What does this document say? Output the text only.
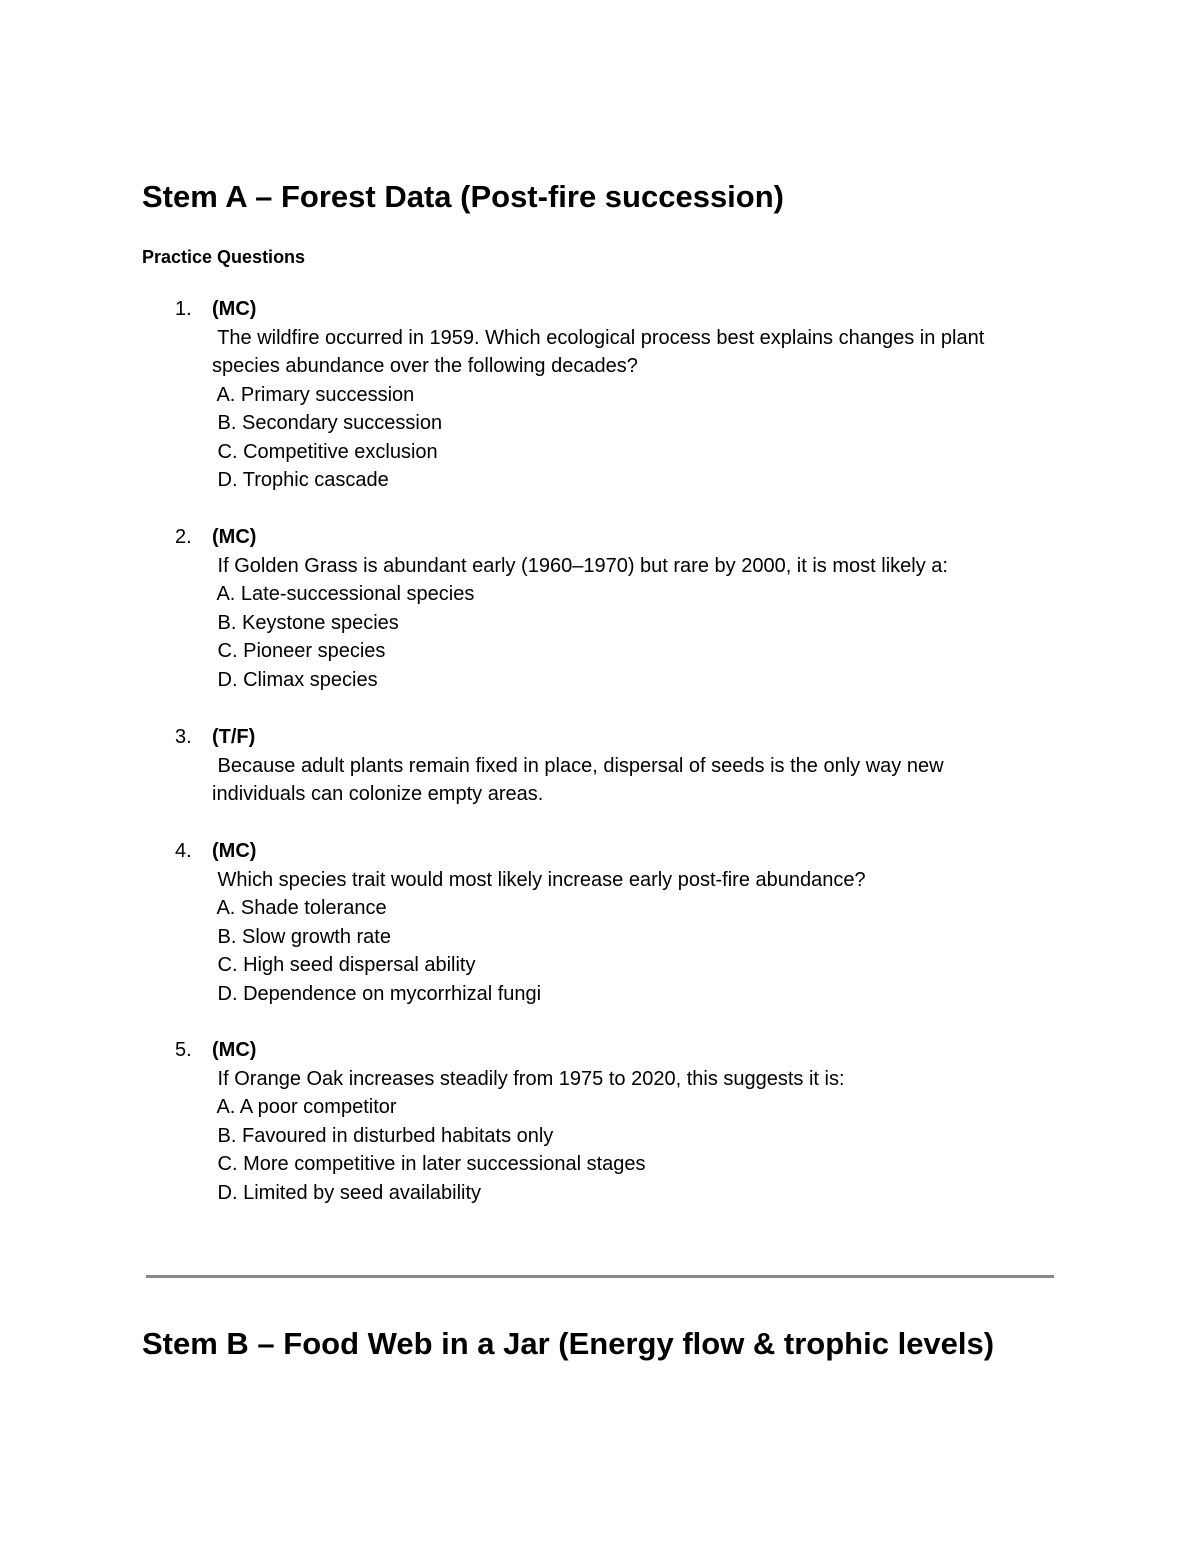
Stem A – Forest Data (Post-fire succession)
Practice Questions
1. (MC)
The wildfire occurred in 1959. Which ecological process best explains changes in plant
species abundance over the following decades?
A. Primary succession
B. Secondary succession
C. Competitive exclusion
D. Trophic cascade
2. (MC)
If Golden Grass is abundant early (1960–1970) but rare by 2000, it is most likely a:
A. Late-successional species
B. Keystone species
C. Pioneer species
D. Climax species
3. (T/F)
Because adult plants remain fixed in place, dispersal of seeds is the only way new
individuals can colonize empty areas.
4. (MC)
Which species trait would most likely increase early post-fire abundance?
A. Shade tolerance
B. Slow growth rate
C. High seed dispersal ability
D. Dependence on mycorrhizal fungi
5. (MC)
If Orange Oak increases steadily from 1975 to 2020, this suggests it is:
A. A poor competitor
B. Favoured in disturbed habitats only
C. More competitive in later successional stages
D. Limited by seed availability
Stem B – Food Web in a Jar (Energy flow & trophic levels)
